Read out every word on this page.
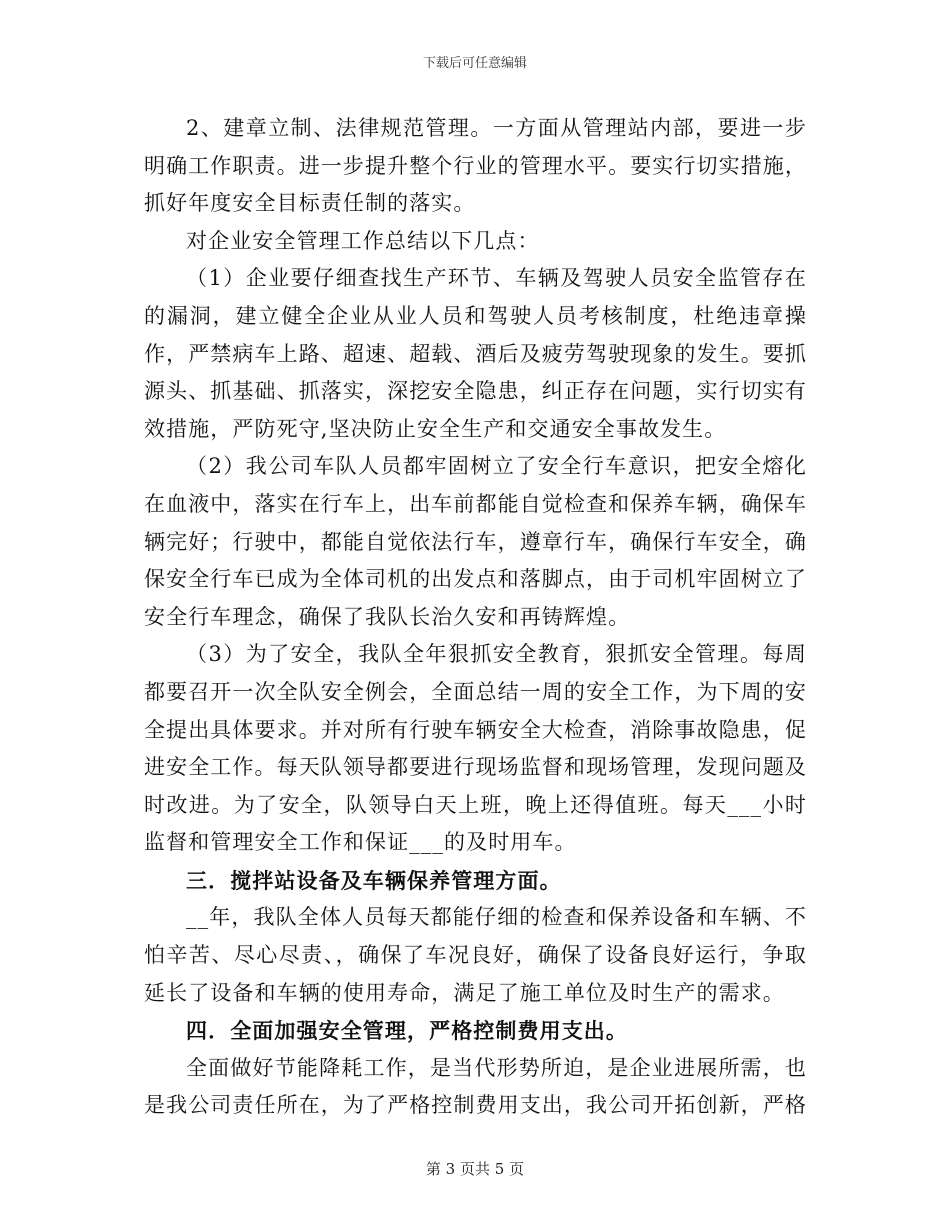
下载后可任意编辑

2、建章立制、法律规范管理。一方面从管理站内部，要进一步明确工作职责。进一步提升整个行业的管理水平。要实行切实措施，抓好年度安全目标责任制的落实。

对企业安全管理工作总结以下几点：

（1）企业要仔细查找生产环节、车辆及驾驶人员安全监管存在的漏洞，建立健全企业从业人员和驾驶人员考核制度，杜绝违章操作，严禁病车上路、超速、超载、酒后及疲劳驾驶现象的发生。要抓源头、抓基础、抓落实，深挖安全隐患，纠正存在问题，实行切实有效措施，严防死守,坚决防止安全生产和交通安全事故发生。

（2）我公司车队人员都牢固树立了安全行车意识，把安全熔化在血液中，落实在行车上，出车前都能自觉检查和保养车辆，确保车辆完好；行驶中，都能自觉依法行车，遵章行车，确保行车安全，确保安全行车已成为全体司机的出发点和落脚点，由于司机牢固树立了安全行车理念，确保了我队长治久安和再铸辉煌。

（3）为了安全，我队全年狠抓安全教育，狠抓安全管理。每周都要召开一次全队安全例会，全面总结一周的安全工作，为下周的安全提出具体要求。并对所有行驶车辆安全大检查，消除事故隐患，促进安全工作。每天队领导都要进行现场监督和现场管理，发现问题及时改进。为了安全，队领导白天上班，晚上还得值班。每天___小时监督和管理安全工作和保证___的及时用车。

三．搅拌站设备及车辆保养管理方面。

__年，我队全体人员每天都能仔细的检查和保养设备和车辆、不怕辛苦、尽心尽责、，确保了车况良好，确保了设备良好运行，争取延长了设备和车辆的使用寿命，满足了施工单位及时生产的需求。

四．全面加强安全管理，严格控制费用支出。

全面做好节能降耗工作，是当代形势所迫，是企业进展所需，也是我公司责任所在，为了严格控制费用支出，我公司开拓创新，严格

第 3 页共 5 页
